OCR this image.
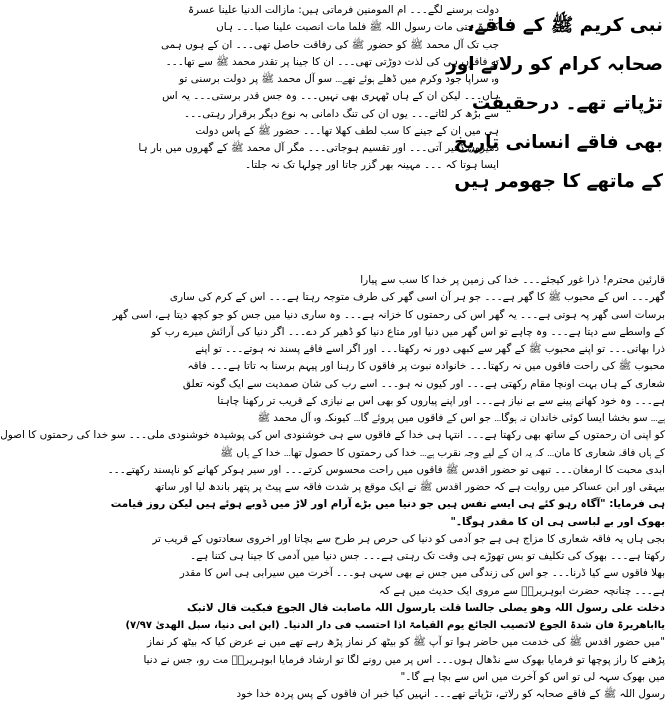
نبی کریم ﷺ کے فاقے،
صحابہ کرام کو رلاتے اور
تڑپاتے تھے۔ درحقیقت
بھی فاقے انسانی تاریخ
کے ماتھے کا جھومر ہیں
دولت برسنے لگے۔۔۔ ام المومنین فرماتی ہیں: مازالت الدنیا علینا عسرۃ
کدرۃ حتی مات رسول اللہ ﷺ فلما مات انصبت علینا صبا۔۔۔ ہاں
جب تک آل محمد ﷺ کو حضور ﷺ کی رفاقت حاصل تھی۔۔۔ ان کے ہوں ہمی
تو فاقوں ہی کی لذت دوڑتی تھی۔۔۔ ان کا جینا پر تقدر محمد ﷺ سے تھا۔۔۔
وہ سراپا جود وکرم میں ڈھلے ہوئے تھے۔۔۔ سو آل محمد ﷺ پر دولت برسنی تو
ہاں۔۔۔ لیکن ان کے ہاں ٹھہری بھی نہیں۔۔۔ وہ جس قدر برستی۔۔۔ یہ اس
سے بڑھ کر لٹاتے۔۔۔ یوں ان کی تنگ دامانی بہ نوع دیگر برقرار رہتی۔۔۔
ہی میں ان کے جینے کا سب لطف کھلا تھا۔۔۔ حضور ﷺ کے پاس دولت
ڈھیروں ڈھیر آتی۔۔۔ اور تقسیم ہوجاتی۔۔۔ مگر آل محمد ﷺ کے گھروں میں بار ہا
ایسا ہوتا کہ ۔۔۔ مہینہ بھر گزر جاتا اور چولہا تک نہ جلتا۔
قارئین محترم! ذرا غور کیجئے۔۔۔ خدا کی زمین پر خدا کا سب سے پیارا
گھر۔۔۔ اس کے محبوب ﷺ کا گھر ہے۔۔۔ جو ہر آن اسی گھر کی طرف متوجہ رہتا ہے۔۔۔ اس کے کرم کی ساری
برسات اسی گھر پہ ہوتی ہے۔۔۔ یہ گھر اس کی رحمتوں کا خزانہ ہے۔۔۔ وہ ساری دنیا میں جس کو جو کچھ دیتا ہے، اسی گھر
کے واسطے سے دیتا ہے۔۔۔ وہ چاہے تو اس گھر میں دنیا اور متاع دنیا کو ڈھیر کر دے۔۔۔ اگر دنیا کی آرائش میرے رب کو
ذرا بھاتی۔۔۔ تو اپنے محبوب ﷺ کے گھر سے کبھی دور نہ رکھتا۔۔۔ اور اگر اسے فاقے پسند نہ ہوتے۔۔۔ تو اپنے
محبوب ﷺ کی راحت فاقوں میں نہ رکھتا۔۔۔ خانوادہ نبوت پر فاقوں کا رہنا اور پیہم برسنا بہ تاتا ہے۔۔۔ فاقہ
شعاری کے ہاں بہت اونچا مقام رکھتی ہے۔۔۔ اور کیوں نہ ہو۔۔۔ اسے رب کی شان صمدیت سے ایک گونہ تعلق
ہے۔۔۔ وہ خود کھانے پینے سے بے نیاز ہے۔۔۔ اور اپنے پیاروں کو بھی اس بے نیازی کے قریب تر رکھنا چاہتا
ہے۔۔۔ سو بخشا ایسا کوئی خاندان نہ ہوگا۔۔۔ جو اس کے فاقوں میں پروئے گا۔۔۔ کیونکہ وہ آل محمد ﷺ
کو اپنی ان رحمتوں کے ساتھ بھی رکھتا ہے۔۔۔ انتہا ہی خدا کے فاقوں سے ہی خوشنودی اس کی پوشیدہ خوشنودی ملی۔۔۔ سو خدا کی رحمتوں کا اصول
کے ہاں فاقہ شعاری کا مان۔۔۔ کہ یہ ان کے لیے وجہ نقرب ہے۔۔۔ خدا کی رحمتوں کا حصول تھا۔۔۔ خدا کے ہاں ﷺ
ابدی محبت کا ارمغان۔۔۔ تبھی تو حضور اقدس ﷺ فاقوں میں راحت محسوس کرتے۔۔۔ اور سیر ہوکر کھانے کو ناپسند رکھتے۔۔۔
بیہقی اور ابن عساکر میں روایت ہے کہ حضور اقدس ﷺ نے ایک موقع پر شدت فاقہ سے پیٹ پر پتھر باندھ لیا اور ساتھ
ہی فرمایا: "آگاہ رہو کئے ہی ایسے نفس ہیں جو دنیا میں بڑے آرام اور لاڑ میں ڈوبے ہوئے ہیں لیکن روز قیامت
بھوک اور بے لباسی ہی ان کا مقدر ہوگا۔"
بجی ہاں یہ فاقہ شعاری کا مزاج ہی ہے جو آدمی کو دنیا کی حرص ہر طرح سے بچاتا اور اخروی سعادتوں کے قریب تر
رکھتا ہے۔۔۔ بھوک کی تکلیف تو بس تھوڑے ہی وقت تک رہتی ہے۔۔۔ جس دنیا میں آدمی کا جینا ہی کتنا ہے۔
بھلا فاقوں سے کیا ڈرنا۔۔۔ جو اس کی زندگی میں جس نے بھی سہی ہو۔۔۔ آخرت میں سیرابی ہی اس کا مقدر
ہے۔۔۔ چنانچہ حضرت ابوہریرہؓ سے مروی ایک حدیث میں ہے کہ
دخلت علی رسول اللہ وھو یصلی جالسا قلت یارسول اللہ ماصابت قال الجوع فبکیت قال لاتبک
یااباھریرۃ فان شدۃ الجوع لاتصیب الجائع یوم القیامۃ اذا احتسب فی دار الدنیا۔ (ابن ابی دنیا، سبل الھدیٰ ۷/۹۷)
"میں حضور اقدس ﷺ کی خدمت میں حاضر ہوا تو آپ ﷺ کو بیٹھ کر نماز پڑھ رہے تھے میں نے عرض کیا کہ بیٹھ کر نماز
پڑھنے کا راز پوچھا تو فرمایا بھوک سے نڈھال ہوں۔۔۔ اس پر میں رونے لگا تو ارشاد فرمایا ابوہریرہؓ مت رو، جس نے دنیا
میں بھوک سہہ لی تو اس کو آخرت میں اس سے بچا ہے گا۔"
رسول اللہ ﷺ کے فاقے صحابہ کو رلاتے، تڑپاتے تھے۔۔۔ انہیں کیا خبر ان فاقوں کے پس پردہ خدا خود
